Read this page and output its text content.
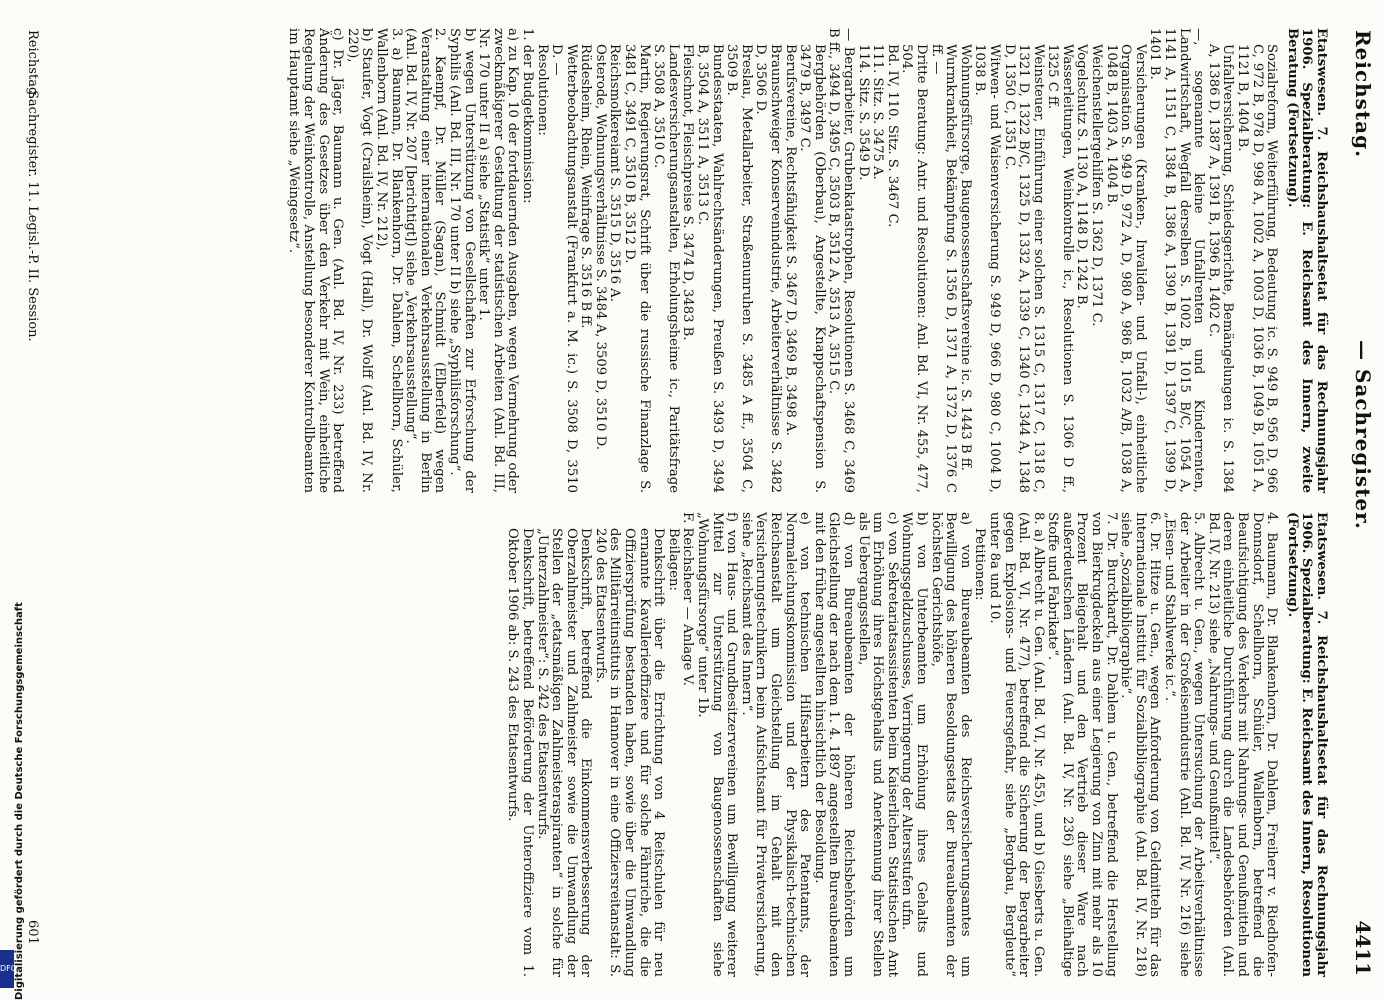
Digitalisierung gefördert durch die Deutsche Forschungsgemeinschaft
DFG
Reichstag.
— Sachregister.
4411

Etatswesen. 7. Reichshaushaltsetat für das Rechnungsjahr 1906. Spezialberatung: E. Reichsamt des Innern, zweite Beratung (Fortsetzung).

Sozialreform, Weiterführung, Bedeutung ic. S. 949 B, 956 D, 966 C, 972 B, 978 D, 998 A, 1002 A, 1003 D, 1036 B, 1049 B, 1051 A, 1121 B, 1404 B.

Unfallversicherung, Schiedsgerichte, Bemängelungen ic. S. 1384 A, 1386 D, 1387 A, 1391 B, 1396 B, 1402 C.

—, sogenannte kleine Unfallrenten und Kinderrenten, Landwirtschaft, Wegfall derselben S. 1002 B, 1015 B/C, 1054 A, 1141 A, 1151 C, 1384 B, 1386 A, 1390 B, 1391 D, 1397 C, 1399 D, 1401 B.

Versicherungen (Kranken-, Invaliden- und Unfall-), einheitliche Organisation S. 949 D, 972 A, D, 980 A, 986 B, 1032 A/B, 1038 A, 1048 B, 1403 A, 1404 B.

Weichenstellergehilfen S. 1362 D, 1371 C.

Vogelschutz S. 1130 A, 1148 D, 1242 B.

Wasserleitungen, Weinkontrolle ic., Resolutionen S. 1306 D ff., 1325 C ff.

Weinsteuer, Einführung einer solchen S. 1315 C, 1317 C, 1318 C, 1321 D, 1322 B/C, 1325 D, 1332 A, 1339 C, 1340 C, 1344 A, 1348 D, 1350 C, 1351 C.

Witwen- und Waisenversicherung S. 949 D, 966 D, 980 C, 1004 D, 1038 B.

Wohnungsfürsorge, Baugenossenschaftsvereine ic. S. 1443 B ff.

Wurmkrankheit, Bekämpfung S. 1356 D, 1371 A, 1372 D, 1376 C ff. —

Dritte Beratung: Antr. und Resolutionen: Anl. Bd. VI, Nr. 455, 477, 504.

Bd. IV, 110. Sitz. S. 3467 C.

111. Sitz. S. 3475 A.

114. Sitz. S. 3549 D.

— Bergarbeiter, Grubenkatastrophen, Resolutionen S. 3468 C, 3469 B ff., 3494 D, 3495 C, 3503 B, 3512 A, 3513 A, 3515 C.

Bergbehörden (Oberbau), Angestellte, Knappschaftspension S. 3479 B, 3497 C.

Berufsvereine, Rechtsfähigkeit S. 3467 D, 3469 B, 3498 A.

Braunschweiger Konservenindustrie, Arbeiterverhältnisse S. 3482 D, 3506 D.

Breslau, Metallarbeiter, Straßenunruhen S. 3485 A ff., 3504 C, 3509 B.

Bundesstaaten, Wahlrechtsänderungen, Preußen S. 3493 D, 3494 B, 3504 A, 3511 A, 3513 C.

Fleischnot, Fleischpreise S. 3474 D, 3483 B.

Landesversicherungsanstalten, Erholungsheime ic., Paritätsfrage S. 3508 A, 3510 C.

Martin, Regierungsrat, Schrift über die russische Finanzlage S. 3481 C, 3491 C, 3510 B, 3512 D.

Reichsmolkereiamt S. 3515 D, 3516 A.

Osterode, Wohnungsverhältnisse S. 3484 A, 3509 D, 3510 D.

Rüdesheim, Rhein, Weinfrage S. 3516 B ff.

Wetterbeobachtungsanstalt (Frankfurt a. M. ic.) S. 3508 D, 3510 D. —

Resolutionen:

1. der Budgetkommission:

a) zu Kap. 10 der fortdauernden Ausgaben, wegen Vermehrung oder zweckmäßigerer Gestaltung der statistischen Arbeiten (Anl. Bd. III, Nr. 170 unter II a) siehe „Statistik“ unter 1.

b) wegen Unterstützung von Gesellschaften zur Erforschung der Syphilis (Anl. Bd. III, Nr. 170 unter II b) siehe „Syphilisforschung“.

2. Kaempf, Dr. Müller (Sagan), Schmidt (Elberfeld) wegen Veranstaltung einer internationalen Verkehrsausstellung in Berlin (Anl. Bd. IV, Nr. 207 [berichtigt]) siehe „Verkehrsausstellung“.

3. a) Baumann, Dr. Blankenhorn, Dr. Dahlem, Schellhorn, Schüler, Wallenborn (Anl. Bd. IV, Nr. 212),

b) Staufer, Vogt (Crailsheim), Vogt (Hall), Dr. Wolff (Anl. Bd. IV, Nr. 220),

c) Dr. Jäger, Baumann u. Gen. (Anl. Bd. IV, Nr. 233) betreffend Änderung des Gesetzes über den Verkehr mit Wein, einheitliche Regelung der Weinkontrolle, Anstellung besonderer Kontrollbeamten im Hauptamt siehe „Weingesetz“.

Etatswesen. 7. Reichshaushaltsetat für das Rechnungsjahr 1906. Spezialberatung: E. Reichsamt des Innern, Resolutionen (Fortsetzung).

4. Baumann, Dr. Blankenhorn, Dr. Dahlem, Freiherr v. Riedhofen-Donnsdorf, Schellhorn, Schüler, Wallenborn, betreffend die Beaufsichtigung des Verkehrs mit Nahrungs- und Genußmitteln und deren einheitliche Durchführung durch die Landesbehörden (Anl. Bd. IV, Nr. 213) siehe „Nahrungs- und Genußmittel“.

5. Albrecht u. Gen., wegen Untersuchung der Arbeitsverhältnisse der Arbeiter in der Großeisenindustrie (Anl. Bd. IV, Nr. 216) siehe „Eisen- und Stahlwerke ic.“.

6. Dr. Hitze u. Gen., wegen Anforderung von Geldmitteln für das Internationale Institut für Sozialbibliographie (Anl. Bd. IV, Nr. 218) siehe „Sozialbibliographie“.

7. Dr. Burckhardt, Dr. Dahlem u. Gen., betreffend die Herstellung von Bierkrugdeckeln aus einer Legierung von Zinn mit mehr als 10 Prozent Bleigehalt und den Vertrieb dieser Ware nach außerdeutschen Ländern (Anl. Bd. IV, Nr. 236) siehe „Bleihaltige Stoffe und Fabrikate“.

8. a) Albrecht u. Gen. (Anl. Bd. VI, Nr. 455), und b) Giesberts u. Gen. (Anl. Bd. VI, Nr. 477), betreffend die Sicherung der Bergarbeiter gegen Explosions- und Feuersgefahr, siehe „Bergbau, Bergleute“ unter 8a und 10.

Petitionen:

a) von Bureaubeamten des Reichsversicherungsamtes um Bewilligung des höheren Besoldungsetats der Bureaubeamten der höchsten Gerichtshöfe,

b) von Unterbeamten um Erhöhung ihres Gehalts und Wohnungsgeldzuschusses, Verringerung der Altersstufen ufm.

c) von Sekretariatsassistenten beim Kaiserlichen Statistischen Amt um Erhöhung ihres Höchstgehalts und Anerkennung ihrer Stellen als Uebergangsstellen,

d) von Bureaubeamten der höheren Reichsbehörden um Gleichstellung der nach dem 1. 4. 1897 angestellten Bureaubeamten mit den früher angestellten hinsichtlich der Besoldung.

e) von technischen Hilfsarbeitern des Patentamts, der Normaleichungskommission und der Physikalisch-technischen Reichsanstalt um Gleichstellung im Gehalt mit den Versicherungstechnikern beim Aufsichtsamt für Privatversicherung, siehe „Reichsamt des Innern“.

f) von Haus- und Grundbesitzervereinen um Bewilligung weiterer Mittel zur Unterstützung von Baugenossenschaften siehe „Wohnungsfürsorge“ unter 1b.

F. Reichsheer — Anlage V.

Beilagen:

Denkschrift über die Errichtung von 4 Reitschulen für neu ernannte Kavallerieoffiziere und für solche Fähnriche, die die Offiziersprüfung bestanden haben, sowie über die Umwandlung des Militärreitinstituts in Hannover in eine Offiziersreitanstalt: S. 240 des Etatsentwurfs.

Denkschrift, betreffend die Einkommensverbesserung der Oberzahlmeister und Zahlmeister sowie die Umwandlung der Stellen der „etatsmäßigen Zahlmeisteraspiranten“ in solche für „Unterzahlmeister“: S. 242 des Etatsentwurfs.

Denkschrift, betreffend Beförderung der Unteroffiziere vom 1. Oktober 1906 ab: S. 243 des Etatsentwurfs.

Reichstag.
Sachregister. 11. Legisl.-P. II. Session.
601
